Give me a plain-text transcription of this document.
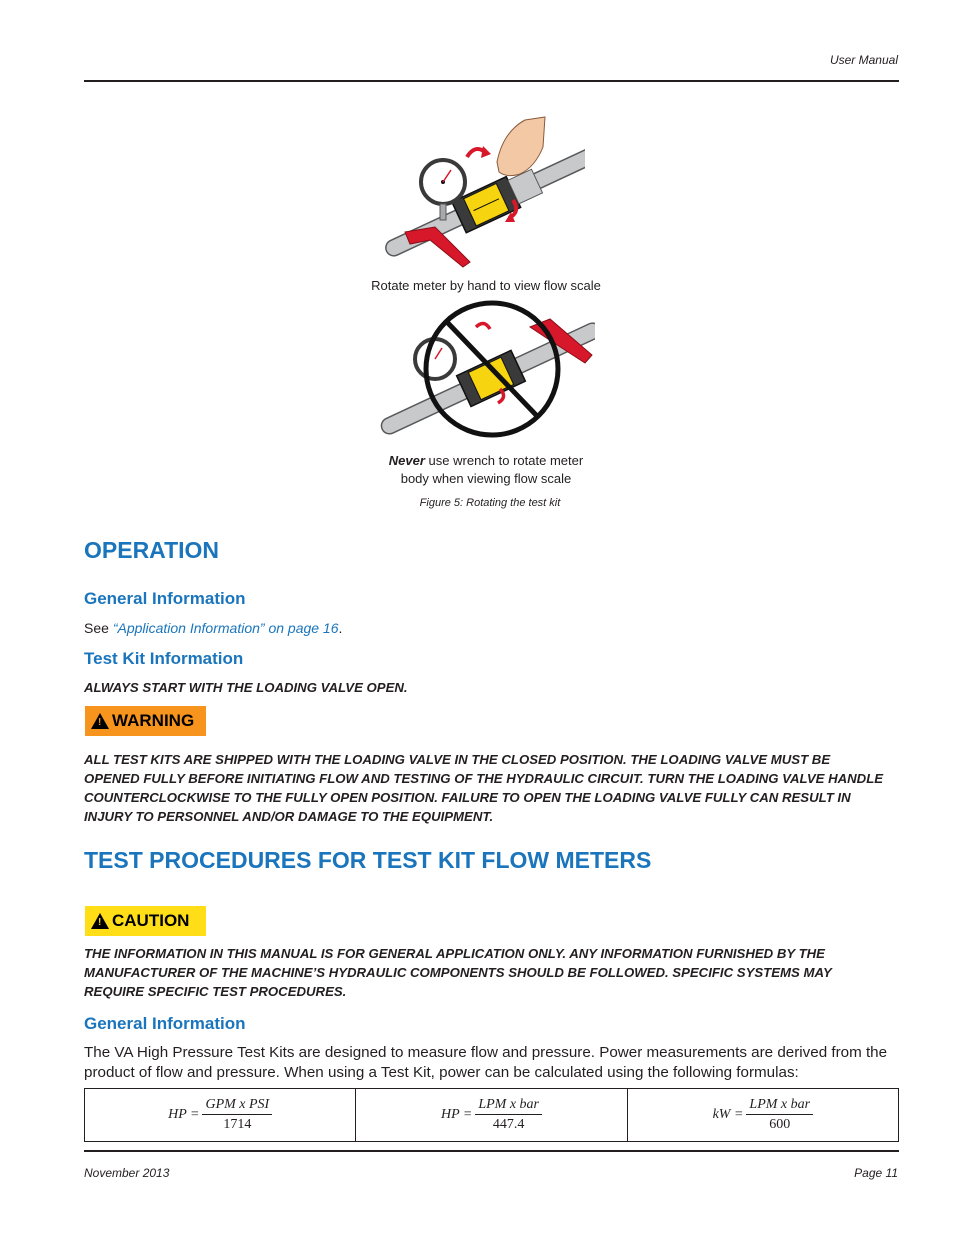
User Manual
Rotate meter by hand to view flow scale
Never use wrench to rotate meter
body when viewing flow scale
Figure 5: Rotating the test kit
OPERATION
General Information
See “Application Information” on page 16.
Test Kit Information
ALWAYS START WITH THE LOADING VALVE OPEN.
! WARNING
ALL TEST KITS ARE SHIPPED WITH THE LOADING VALVE IN THE CLOSED POSITION. THE LOADING VALVE MUST BE OPENED FULLY BEFORE INITIATING FLOW AND TESTING OF THE HYDRAULIC CIRCUIT. TURN THE LOADING VALVE HANDLE COUNTERCLOCKWISE TO THE FULLY OPEN POSITION. FAILURE TO OPEN THE LOADING VALVE FULLY CAN RESULT IN INJURY TO PERSONNEL AND/OR DAMAGE TO THE EQUIPMENT.
TEST PROCEDURES FOR TEST KIT FLOW METERS
! CAUTION
THE INFORMATION IN THIS MANUAL IS FOR GENERAL APPLICATION ONLY. ANY INFORMATION FURNISHED BY THE MANUFACTURER OF THE MACHINE’S HYDRAULIC COMPONENTS SHOULD BE FOLLOWED. SPECIFIC SYSTEMS MAY REQUIRE SPECIFIC TEST PROCEDURES.
General Information
The VA High Pressure Test Kits are designed to measure flow and pressure. Power measurements are derived from the product of flow and pressure. When using a Test Kit, power can be calculated using the following formulas:
HP = $\frac{\text{GPM x PSI}}{1714}$	HP = $\frac{\text{LPM x bar}}{447.4}$	kW = $\frac{\text{LPM x bar}}{600}$
November 2013	Page 11
